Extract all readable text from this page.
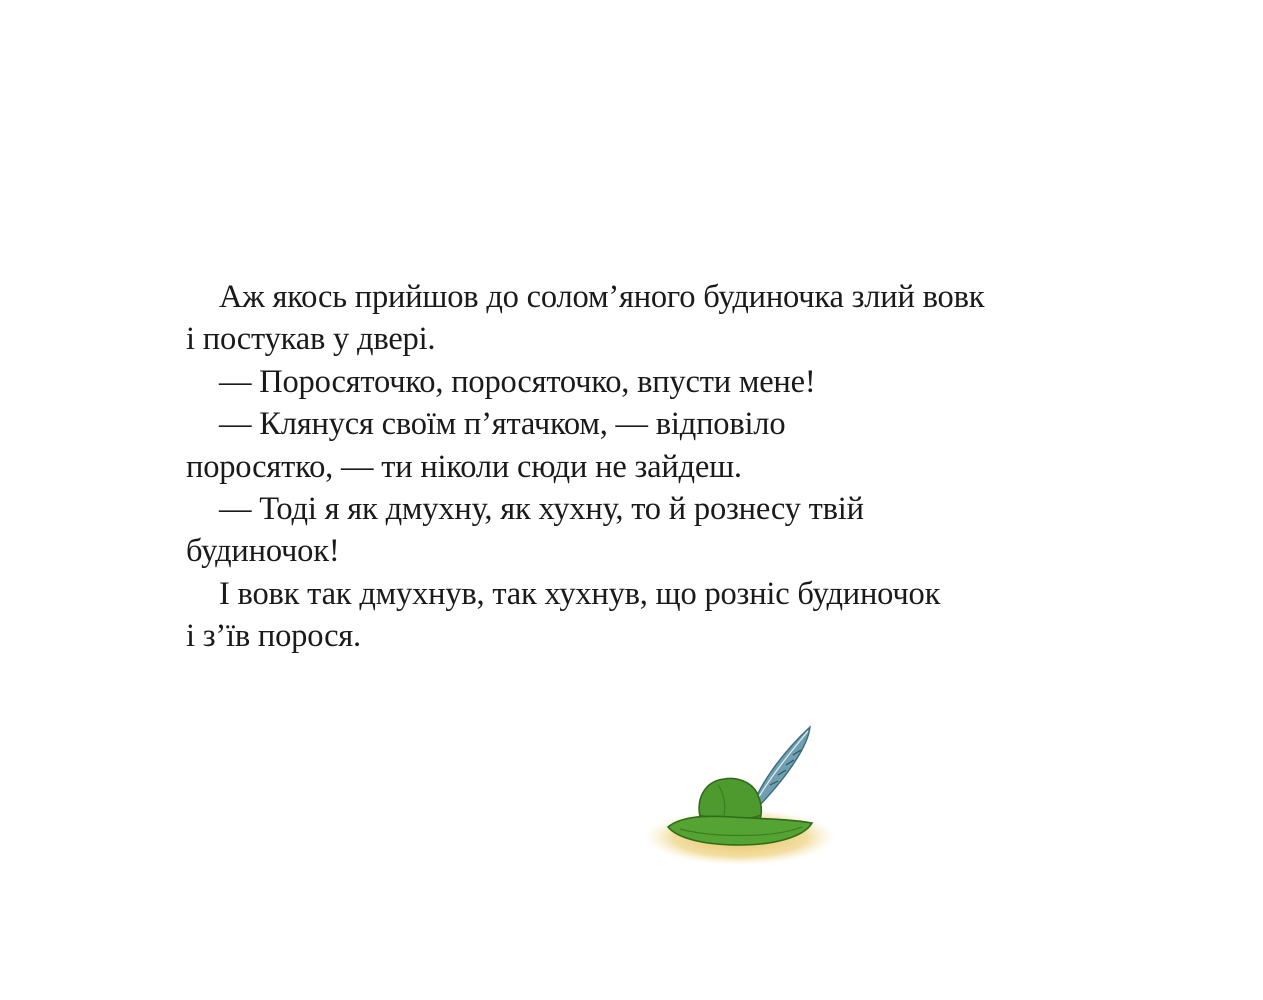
Аж якось прийшов до солом’яного будиночка злий вовк
і постукав у двері.
— Поросяточко, поросяточко, впусти мене!
— Клянуся своїм п’ятачком, — відповіло
поросятко, — ти ніколи сюди не зайдеш.
— Тоді я як дмухну, як хухну, то й рознесу твій
будиночок!
І вовк так дмухнув, так хухнув, що розніс будиночок
і з’їв порося.
